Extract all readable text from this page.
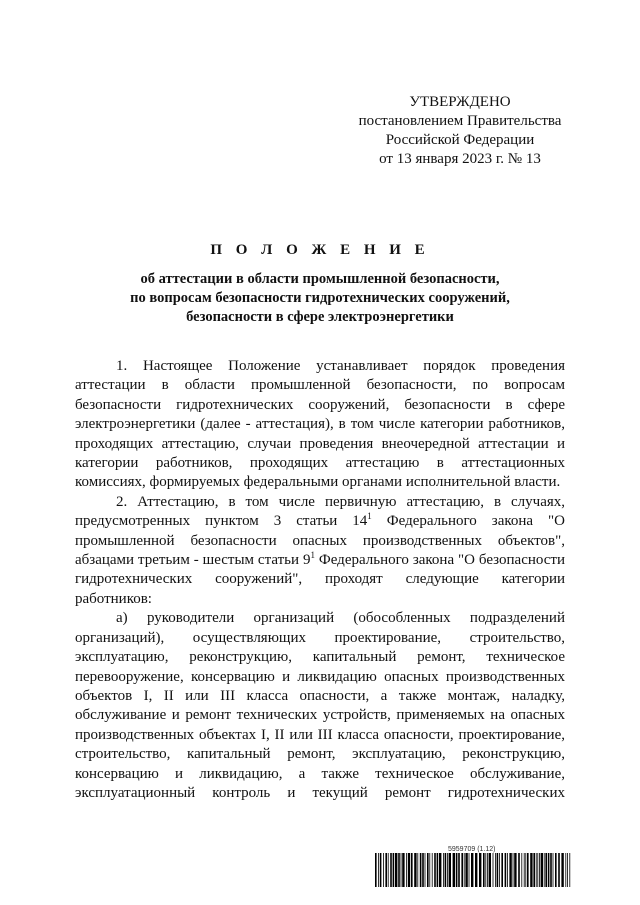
УТВЕРЖДЕНО
постановлением Правительства
Российской Федерации
от 13 января 2023 г. № 13
П О Л О Ж Е Н И Е
об аттестации в области промышленной безопасности,
по вопросам безопасности гидротехнических сооружений,
безопасности в сфере электроэнергетики

1. Настоящее Положение устанавливает порядок проведения аттестации в области промышленной безопасности, по вопросам безопасности гидротехнических сооружений, безопасности в сфере электроэнергетики (далее - аттестация), в том числе категории работников, проходящих аттестацию, случаи проведения внеочередной аттестации и категории работников, проходящих аттестацию в аттестационных комиссиях, формируемых федеральными органами исполнительной власти.

2. Аттестацию, в том числе первичную аттестацию, в случаях, предусмотренных пунктом 3 статьи $14^1$ Федерального закона "О промышленной безопасности опасных производственных объектов", абзацами третьим - шестым статьи $9^1$ Федерального закона "О безопасности гидротехнических сооружений", проходят следующие категории работников:

а) руководители организаций (обособленных подразделений организаций), осуществляющих проектирование, строительство, эксплуатацию, реконструкцию, капитальный ремонт, техническое перевооружение, консервацию и ликвидацию опасных производственных объектов I, II или III класса опасности, а также монтаж, наладку, обслуживание и ремонт технических устройств, применяемых на опасных производственных объектах I, II или III класса опасности, проектирование, строительство, капитальный ремонт, эксплуатацию, реконструкцию, консервацию и ликвидацию, а также техническое обслуживание, эксплуатационный контроль и текущий ремонт гидротехнических

5959709 (1.12)
